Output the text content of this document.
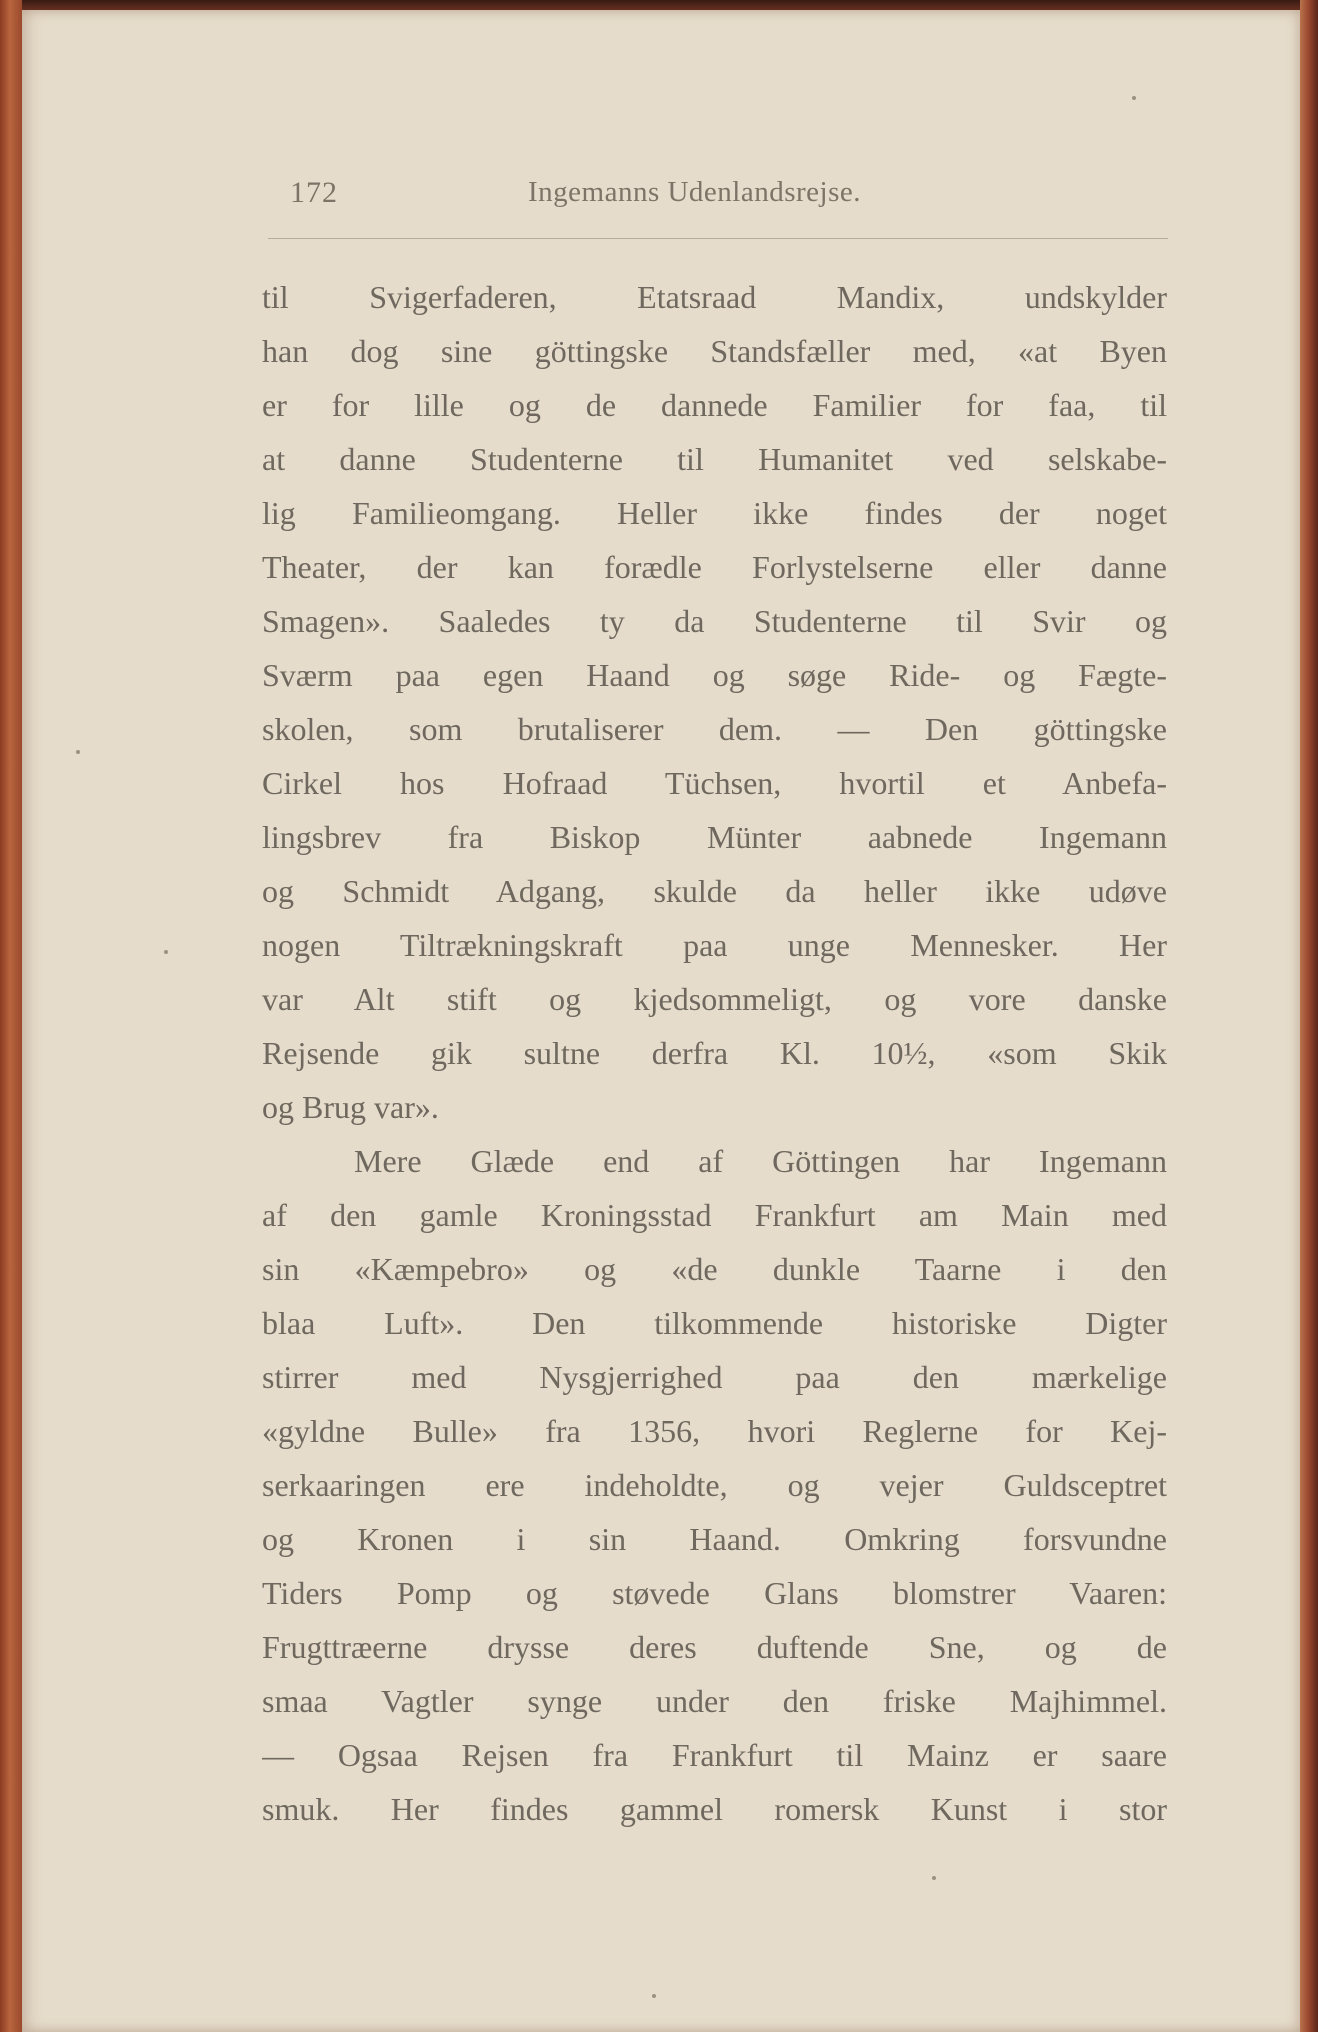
172	Ingemanns Udenlandsrejse.
til Svigerfaderen, Etatsraad Mandix, undskylder
han dog sine göttingske Standsfæller med, «at Byen
er for lille og de dannede Familier for faa, til
at danne Studenterne til Humanitet ved selskabe-
lig Familieomgang. Heller ikke findes der noget
Theater, der kan forædle Forlystelserne eller danne
Smagen». Saaledes ty da Studenterne til Svir og
Sværm paa egen Haand og søge Ride- og Fægte-
skolen, som brutaliserer dem. — Den göttingske
Cirkel hos Hofraad Tüchsen, hvortil et Anbefa-
lingsbrev fra Biskop Münter aabnede Ingemann
og Schmidt Adgang, skulde da heller ikke udøve
nogen Tiltrækningskraft paa unge Mennesker. Her
var Alt stift og kjedsommeligt, og vore danske
Rejsende gik sultne derfra Kl. 10½, «som Skik
og Brug var».
Mere Glæde end af Göttingen har Ingemann
af den gamle Kroningsstad Frankfurt am Main med
sin «Kæmpebro» og «de dunkle Taarne i den
blaa Luft». Den tilkommende historiske Digter
stirrer med Nysgjerrighed paa den mærkelige
«gyldne Bulle» fra 1356, hvori Reglerne for Kej-
serkaaringen ere indeholdte, og vejer Guldsceptret
og Kronen i sin Haand. Omkring forsvundne
Tiders Pomp og støvede Glans blomstrer Vaaren:
Frugttræerne drysse deres duftende Sne, og de
smaa Vagtler synge under den friske Majhimmel.
— Ogsaa Rejsen fra Frankfurt til Mainz er saare
smuk. Her findes gammel romersk Kunst i stor
